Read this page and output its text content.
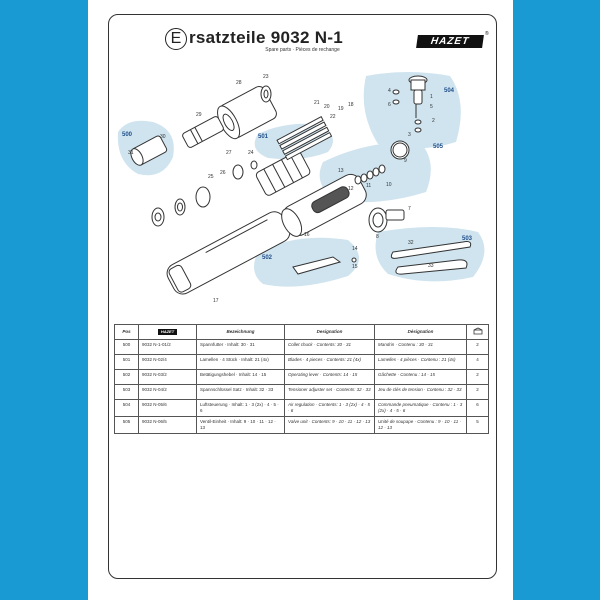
E rsatzteile 9032 N-1	HAZET
®
Spare parts · Pièces de rechange
500	501
502
503
504
505
1
2
3
4
5
6
7
8
9
10
11
12
13
14
15
16
17
18
19
20
21
22
23
24
25
26
27
28
29
30
31
32
33
Pos	HAZET	Bezeichnung	Designation	Désignation	
500	9032 N-1-01/2	Spannfutter · Inhalt: 30 · 31	Collet chuck · Contents: 30 · 31	Mandrin · Contenu : 30 · 31	2
501	9032 N-02/4	Lamellen · 4 Stück · Inhalt: 21 (4x)	Blades · 4 pieces · Contents: 21 (4x)	Lamelles · 4 pièces · Contenu : 21 (4x)	4
502	9032 N-03/2	Betätigungshebel · Inhalt: 14 · 15	Operating lever · Contents: 14 · 15	Gâchette · Contenu : 14 · 15	2
503	9032 N-04/2	Spannschlüssel Satz · Inhalt: 32 · 33	Tensioner adjuster set · Contents: 32 · 33	Jeu de clés de tension · Contenu : 32 · 33	2
504	9032 N-05/6	Luftsteuerung · Inhalt: 1 · 3 (2x) · 4 · 5 · 6	Air regulation · Contents: 1 · 3 (2x) · 4 · 5 · 6	Commande pneumatique · Contenu : 1 · 3 (2x) · 4 · 5 · 6	6
505	9032 N-06/5	Ventil-Einheit · Inhalt: 9 · 10 · 11 · 12 · 13	Valve unit · Contents: 9 · 10 · 11 · 12 · 13	Unité de soupape · Contenu : 9 · 10 · 11 · 12 · 13	5
